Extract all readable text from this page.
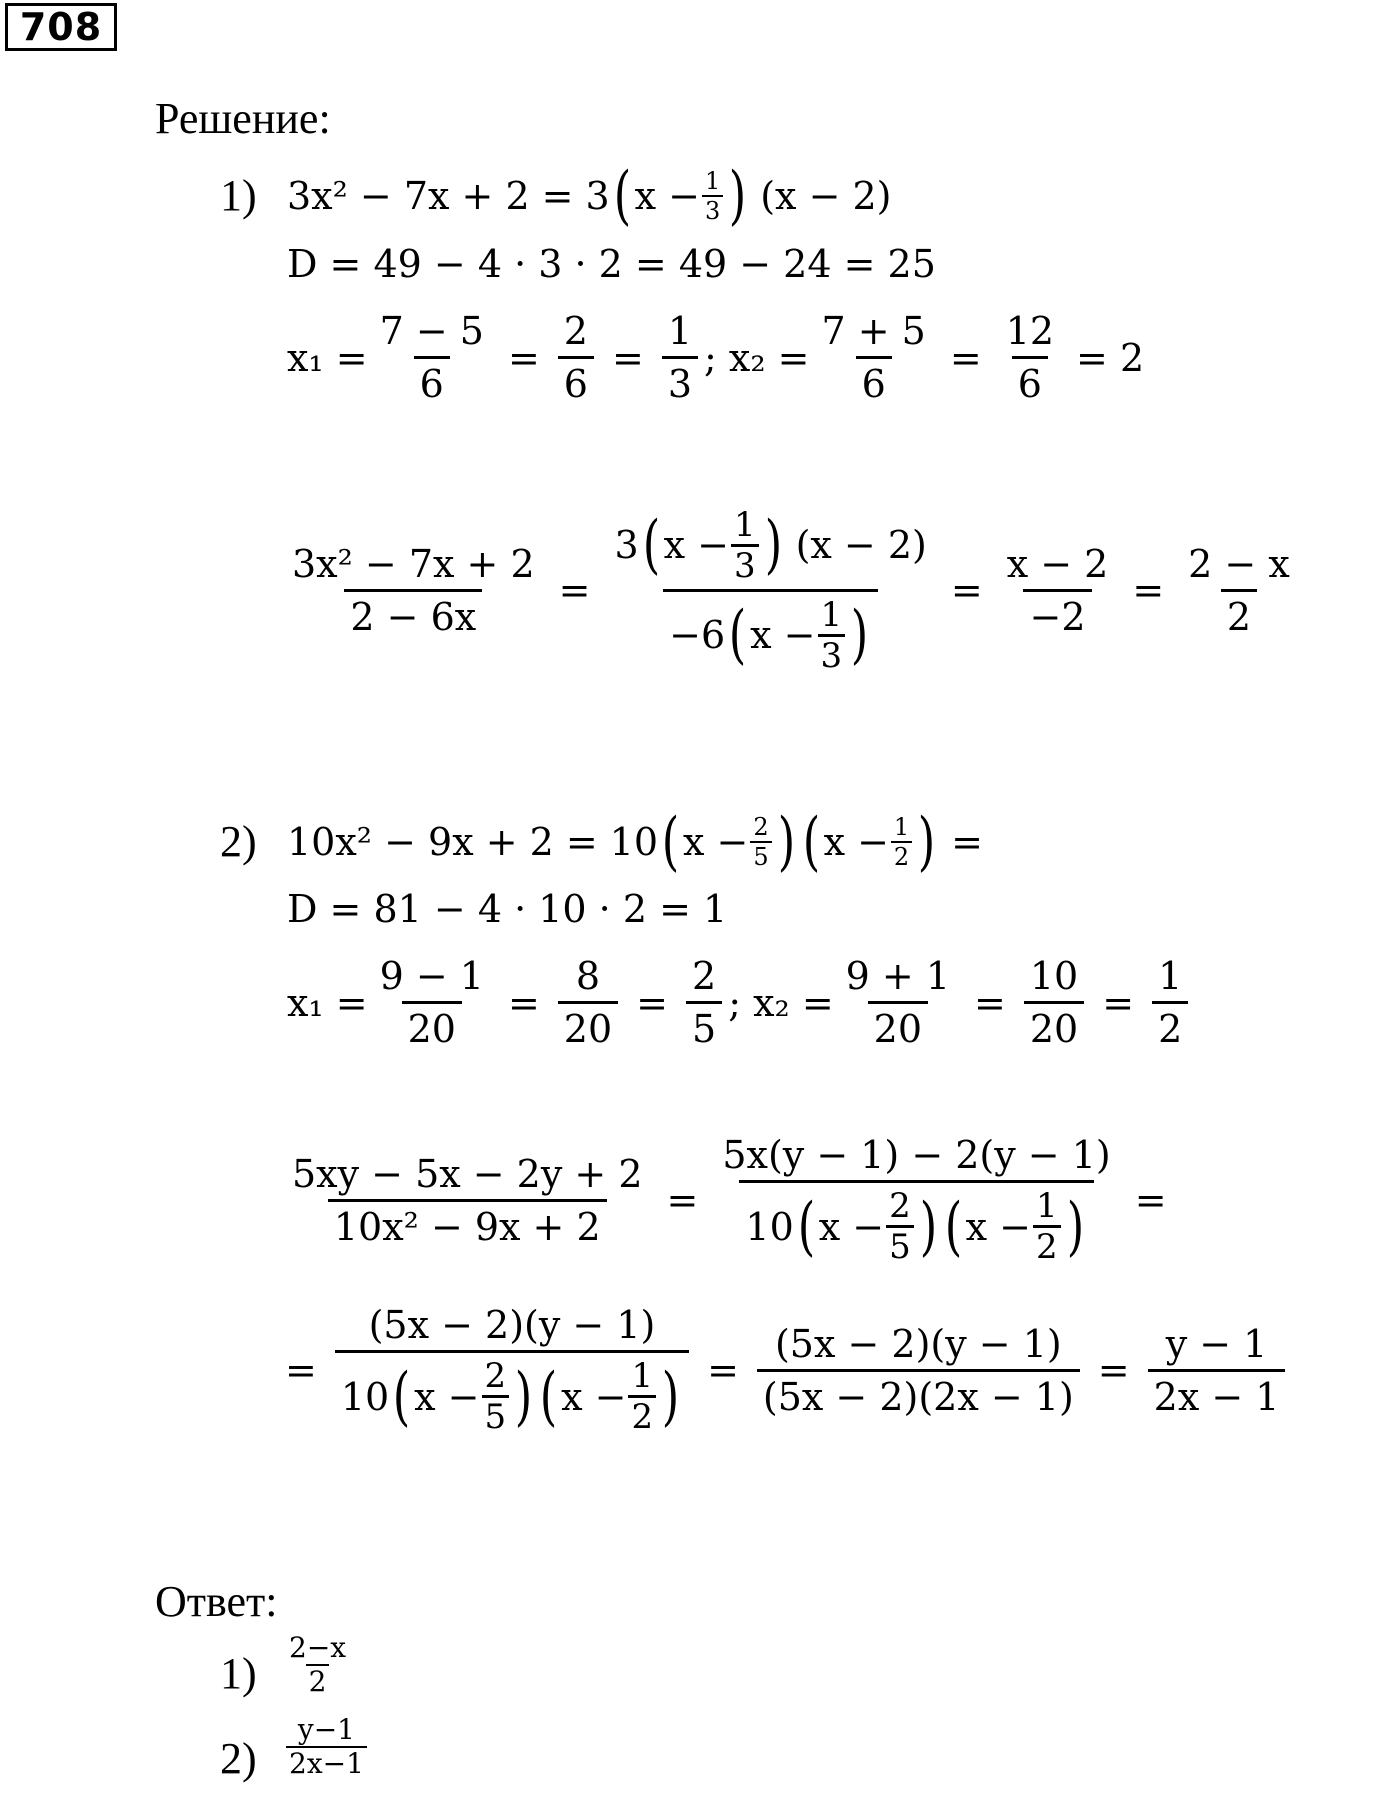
708
Решение:
1) 3x² − 7x + 2 = 3 ( $x - \frac{1}{3}$ ) (x − 2)
D = 49 − 4 · 3 · 2 = 49 − 24 = 25
$x_1 = \frac{7 - 5}{6} = \frac{2}{6} = \frac{1}{3}$ ; $x_2 = \frac{7 + 5}{6} = \frac{12}{6} = 2$
$\frac{\text{3x² − 7x + 2}}{2 - 6x}$ =
3 ( $x - \frac{1}{3}$ ) (x − 2)
−6 ( $x - \frac{1}{3}$ )
= $\frac{x - 2}{-2} = \frac{2 - x}{2}$
2) 10x² − 9x + 2 = 10 ( $x - \frac{2}{5}$ ) ( $x - \frac{1}{2}$ ) =
D = 81 − 4 · 10 · 2 = 1
$x_1 = \frac{9 - 1}{20} = \frac{8}{20} = \frac{2}{5}$ ; $x_2 = \frac{9 + 1}{20} = \frac{10}{20} = \frac{1}{2}$
$\frac{5xy - 5x - 2y + 2}{\text{10x² − 9x + 2}} = \frac{5x(y - 1) - 2(y - 1)}{10 ( x - \frac{2}{5} ) ( x - \frac{1}{2} )}$ =
= $\frac{(5x - 2)(y - 1)}{10 ( x - \frac{2}{5} ) ( x - \frac{1}{2} )} = \frac{(5x - 2)(y - 1)}{(5x - 2)(2x - 1)} = \frac{y - 1}{2x - 1}$
Ответ:
$1) \frac{2-x}{2}$
$2) \frac{y-1}{2x-1}$
